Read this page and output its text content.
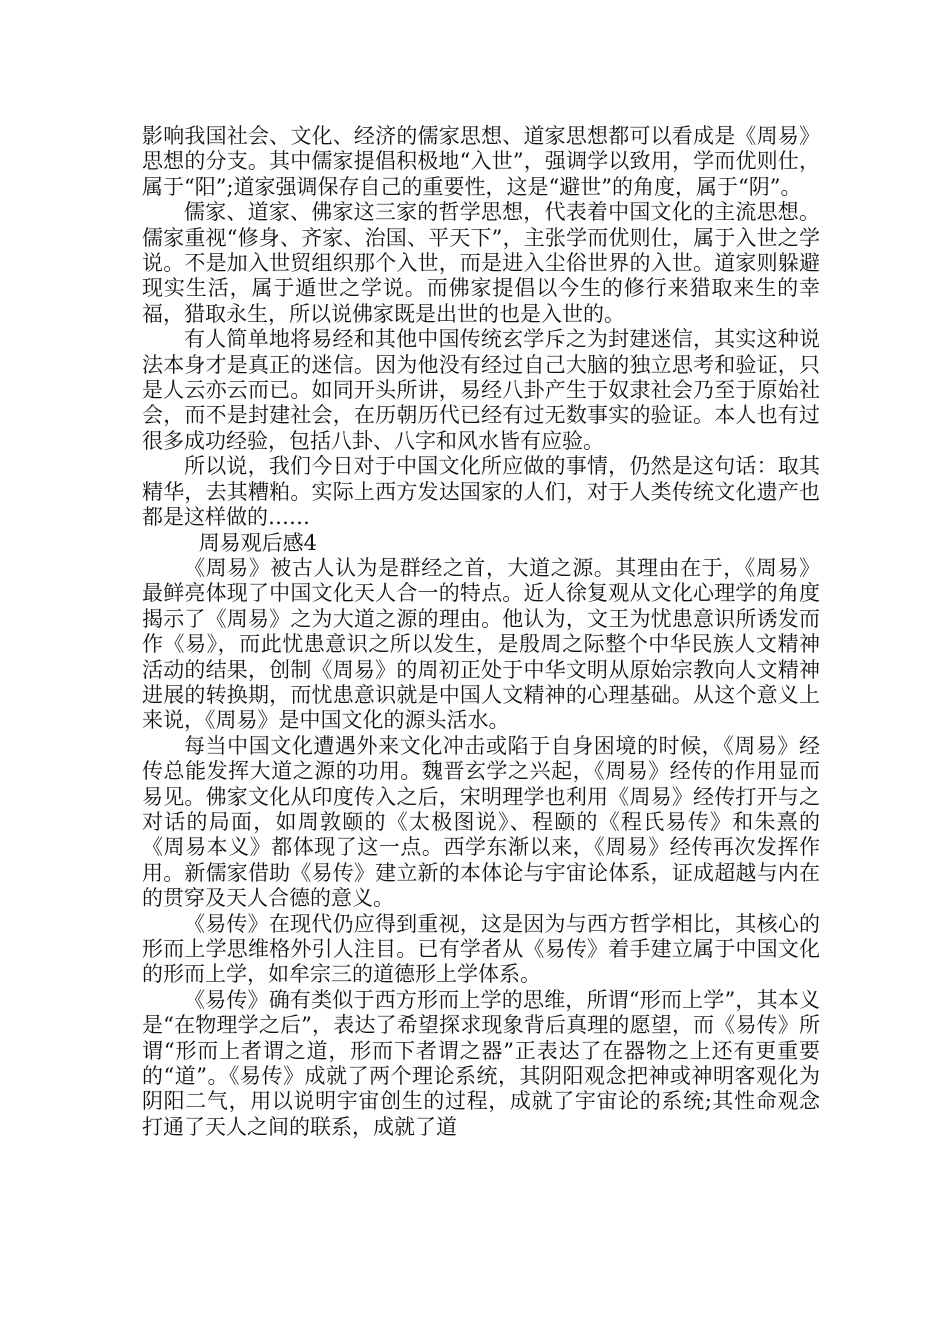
影响我国社会、文化、经济的儒家思想、道家思想都可以看成是《周易》思想的分支。其中儒家提倡积极地“入世”，强调学以致用，学而优则仕，属于“阳”;道家强调保存自己的重要性，这是“避世”的角度，属于“阴”。

儒家、道家、佛家这三家的哲学思想，代表着中国文化的主流思想。儒家重视“修身、齐家、治国、平天下”，主张学而优则仕，属于入世之学说。不是加入世贸组织那个入世，而是进入尘俗世界的入世。道家则躲避现实生活，属于遁世之学说。而佛家提倡以今生的修行来猎取来生的幸福，猎取永生，所以说佛家既是出世的也是入世的。

有人简单地将易经和其他中国传统玄学斥之为封建迷信，其实这种说法本身才是真正的迷信。因为他没有经过自己大脑的独立思考和验证，只是人云亦云而已。如同开头所讲，易经八卦产生于奴隶社会乃至于原始社会，而不是封建社会，在历朝历代已经有过无数事实的验证。本人也有过很多成功经验，包括八卦、八字和风水皆有应验。

所以说，我们今日对于中国文化所应做的事情，仍然是这句话：取其精华，去其糟粕。实际上西方发达国家的人们，对于人类传统文化遗产也都是这样做的……

周易观后感4

《周易》被古人认为是群经之首，大道之源。其理由在于，《周易》最鲜亮体现了中国文化天人合一的特点。近人徐复观从文化心理学的角度揭示了《周易》之为大道之源的理由。他认为，文王为忧患意识所诱发而作《易》，而此忧患意识之所以发生，是殷周之际整个中华民族人文精神活动的结果，创制《周易》的周初正处于中华文明从原始宗教向人文精神进展的转换期，而忧患意识就是中国人文精神的心理基础。从这个意义上来说，《周易》是中国文化的源头活水。

每当中国文化遭遇外来文化冲击或陷于自身困境的时候，《周易》经传总能发挥大道之源的功用。魏晋玄学之兴起，《周易》经传的作用显而易见。佛家文化从印度传入之后，宋明理学也利用《周易》经传打开与之对话的局面，如周敦颐的《太极图说》、程颐的《程氏易传》和朱熹的《周易本义》都体现了这一点。西学东渐以来，《周易》经传再次发挥作用。新儒家借助《易传》建立新的本体论与宇宙论体系，证成超越与内在的贯穿及天人合德的意义。

《易传》在现代仍应得到重视，这是因为与西方哲学相比，其核心的形而上学思维格外引人注目。已有学者从《易传》着手建立属于中国文化的形而上学，如牟宗三的道德形上学体系。

《易传》确有类似于西方形而上学的思维，所谓“形而上学”，其本义是“在物理学之后”，表达了希望探求现象背后真理的愿望，而《易传》所谓“形而上者谓之道，形而下者谓之器”正表达了在器物之上还有更重要的“道”。《易传》成就了两个理论系统，其阴阳观念把神或神明客观化为阴阳二气，用以说明宇宙创生的过程，成就了宇宙论的系统;其性命观念打通了天人之间的联系，成就了道
